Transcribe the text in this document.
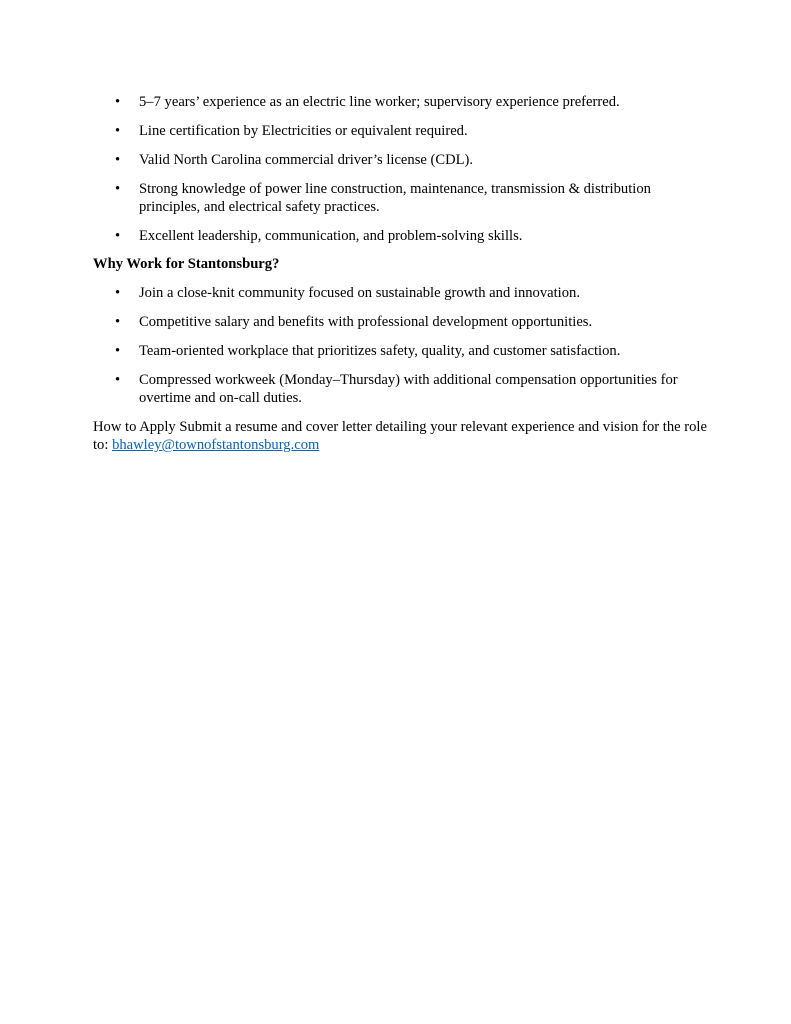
• 5–7 years’ experience as an electric line worker; supervisory experience preferred.
• Line certification by Electricities or equivalent required.
• Valid North Carolina commercial driver’s license (CDL).
• Strong knowledge of power line construction, maintenance, transmission & distribution principles, and electrical safety practices.
• Excellent leadership, communication, and problem-solving skills.
Why Work for Stantonsburg?
• Join a close-knit community focused on sustainable growth and innovation.
• Competitive salary and benefits with professional development opportunities.
• Team-oriented workplace that prioritizes safety, quality, and customer satisfaction.
• Compressed workweek (Monday–Thursday) with additional compensation opportunities for overtime and on-call duties.

How to Apply Submit a resume and cover letter detailing your relevant experience and vision for the role to: bhawley@townofstantonsburg.com
